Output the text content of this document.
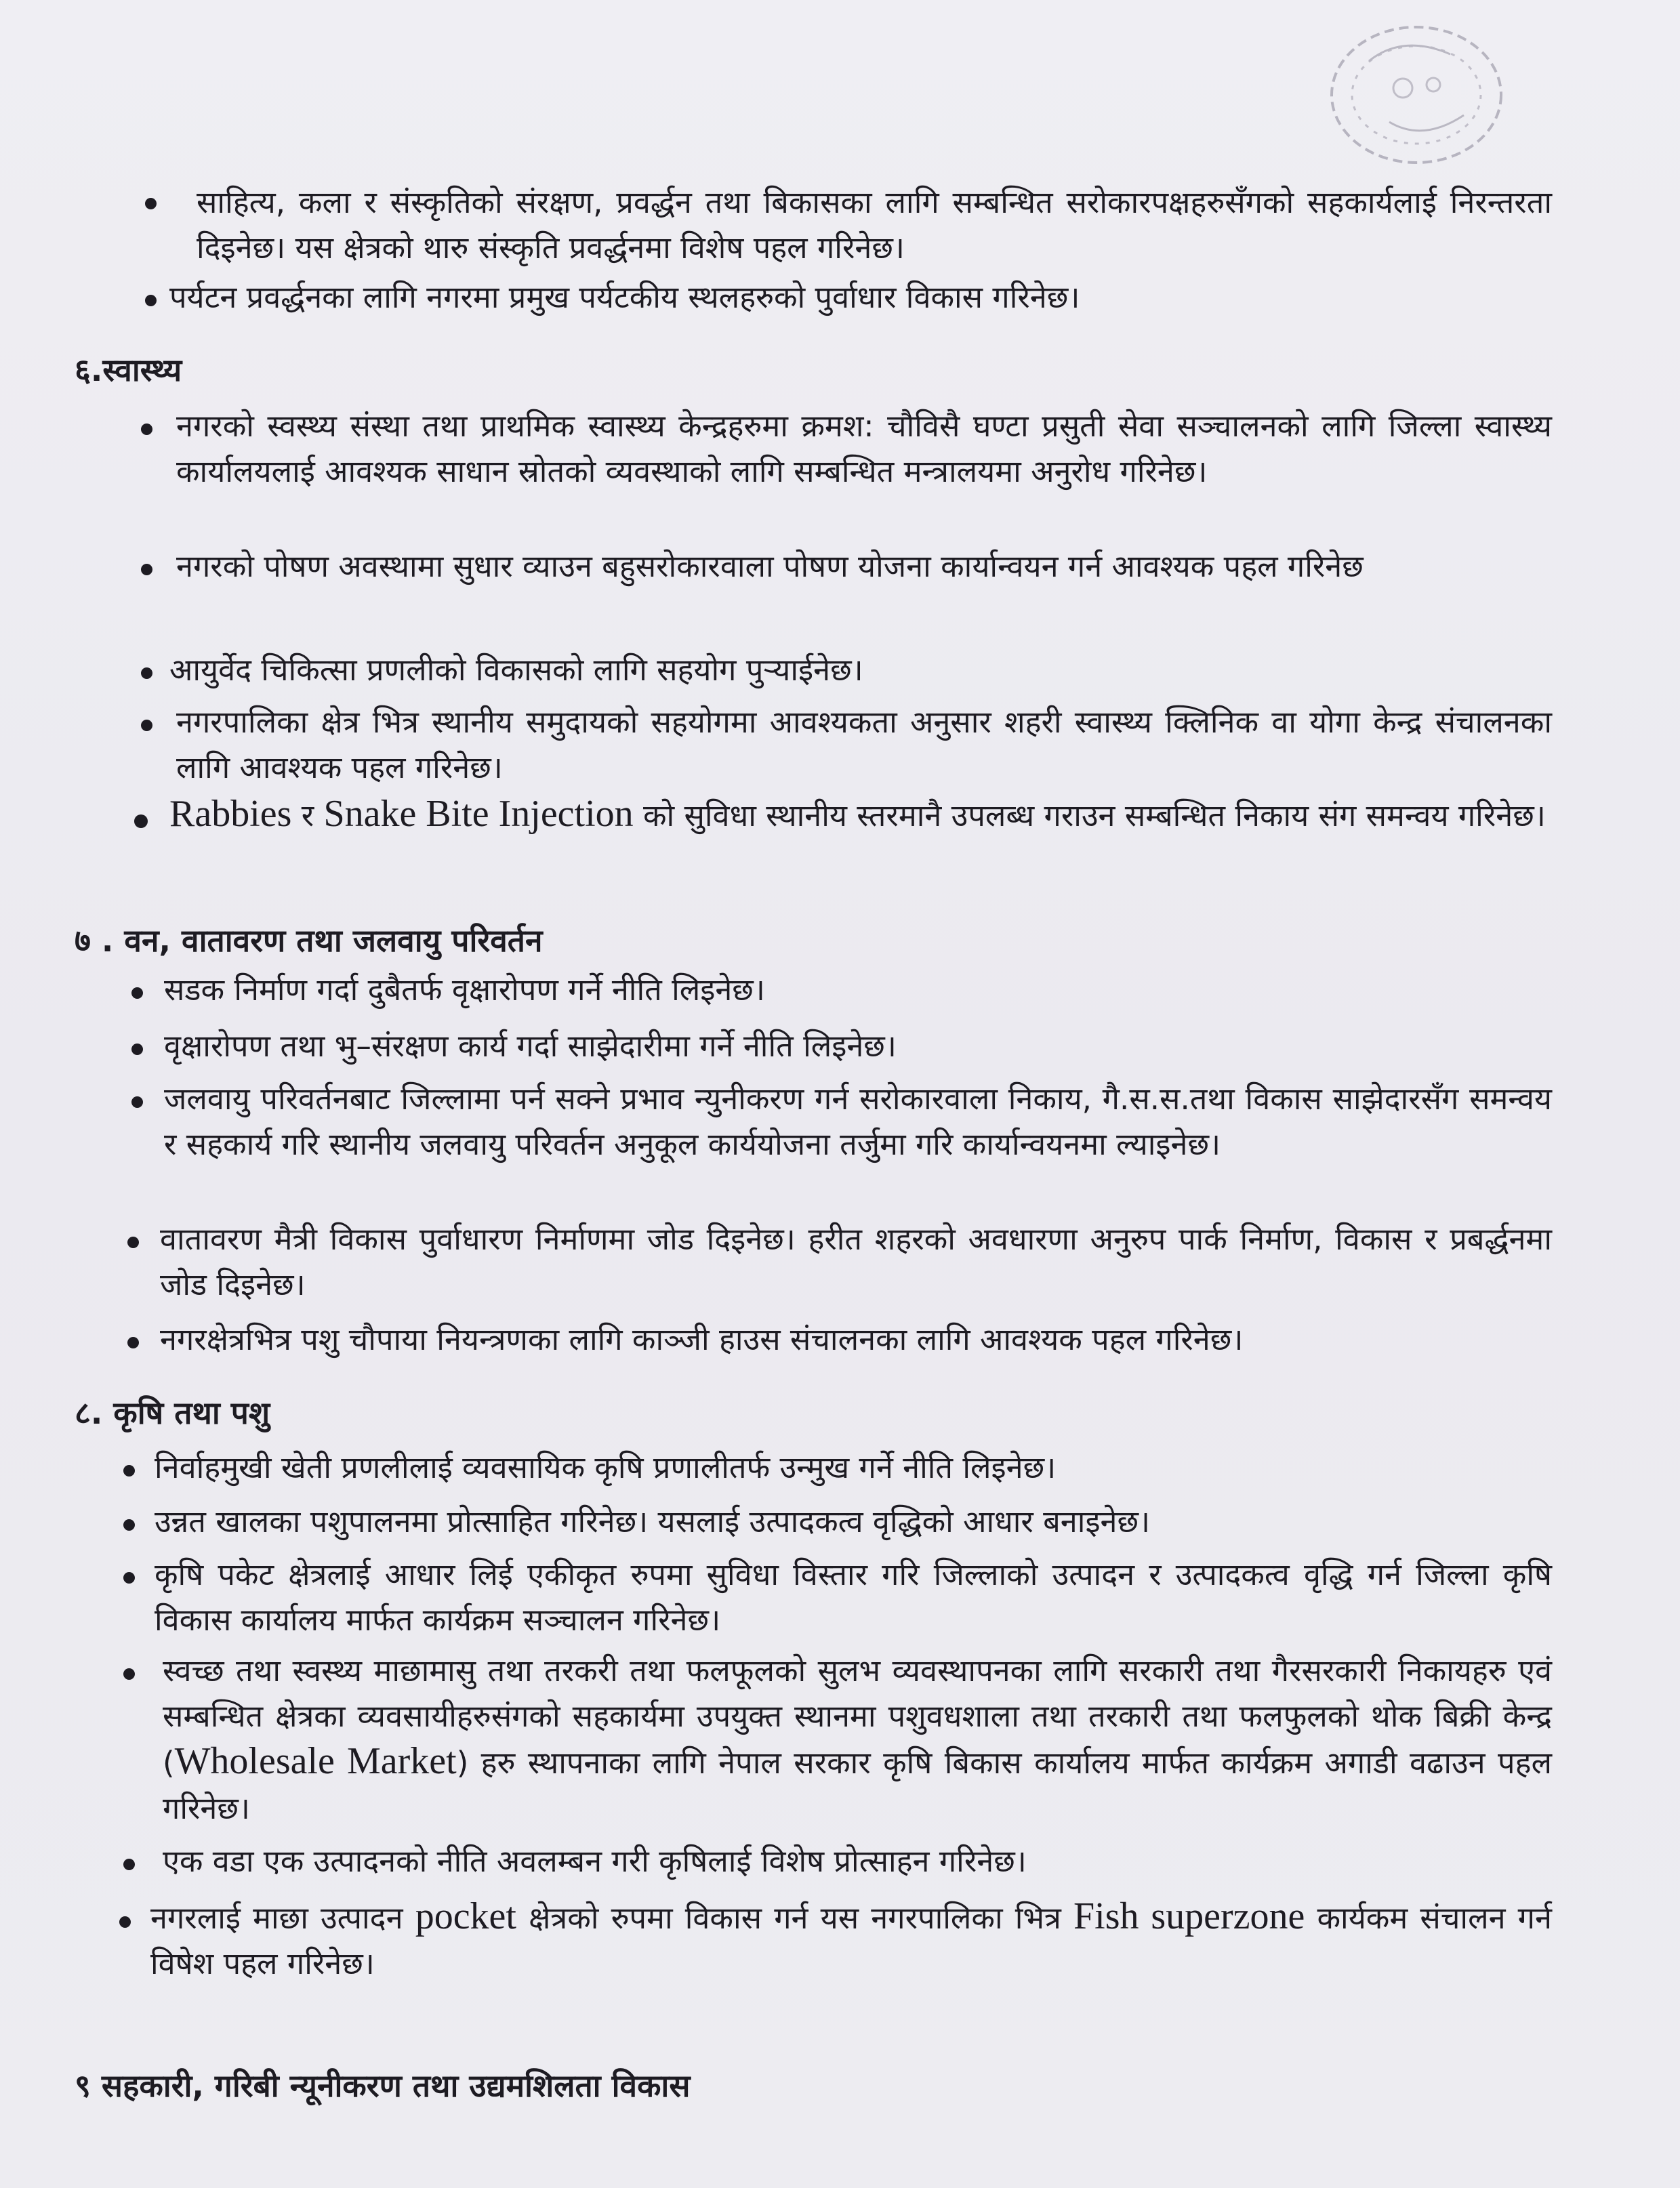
साहित्य, कला र संस्कृतिको संरक्षण, प्रवर्द्धन तथा बिकासका लागि सम्बन्धित सरोकारपक्षहरुसँगको सहकार्यलाई निरन्तरता दिइनेछ। यस क्षेत्रको थारु संस्कृति प्रवर्द्धनमा विशेष पहल गरिनेछ।
पर्यटन प्रवर्द्धनका लागि नगरमा प्रमुख पर्यटकीय स्थलहरुको पुर्वाधार विकास गरिनेछ।
६.स्वास्थ्य
नगरको स्वस्थ्य संस्था तथा प्राथमिक स्वास्थ्य केन्द्रहरुमा क्रमश: चौविसै घण्टा प्रसुती सेवा सञ्चालनको लागि जिल्ला स्वास्थ्य कार्यालयलाई आवश्यक साधान स्रोतको व्यवस्थाको लागि सम्बन्धित मन्त्रालयमा अनुरोध गरिनेछ।
नगरको पोषण अवस्थामा सुधार व्याउन बहुसरोकारवाला पोषण योजना कार्यान्वयन गर्न आवश्यक पहल गरिनेछ
आयुर्वेद चिकित्सा प्रणलीको विकासको लागि सहयोग पुऱ्याईनेछ।
नगरपालिका क्षेत्र भित्र स्थानीय समुदायको सहयोगमा आवश्यकता अनुसार शहरी स्वास्थ्य क्लिनिक वा योगा केन्द्र संचालनका लागि आवश्यक पहल गरिनेछ।
Rabbies र Snake Bite Injection को सुविधा स्थानीय स्तरमानै उपलब्ध गराउन सम्बन्धित निकाय संग समन्वय गरिनेछ।
७ . वन, वातावरण तथा जलवायु परिवर्तन
सडक निर्माण गर्दा दुबैतर्फ वृक्षारोपण गर्ने नीति लिइनेछ।
वृक्षारोपण तथा भु–संरक्षण कार्य गर्दा साझेदारीमा गर्ने नीति लिइनेछ।
जलवायु परिवर्तनबाट जिल्लामा पर्न सक्ने प्रभाव न्युनीकरण गर्न सरोकारवाला निकाय, गै.स.स.तथा विकास साझेदारसँग समन्वय र सहकार्य गरि स्थानीय जलवायु परिवर्तन अनुकूल कार्ययोजना तर्जुमा गरि कार्यान्वयनमा ल्याइनेछ।
वातावरण मैत्री विकास पुर्वाधारण निर्माणमा जोड दिइनेछ। हरीत शहरको अवधारणा अनुरुप पार्क निर्माण, विकास र प्रबर्द्धनमा जोड दिइनेछ।
नगरक्षेत्रभित्र पशु चौपाया नियन्त्रणका लागि काञ्जी हाउस संचालनका लागि आवश्यक पहल गरिनेछ।
८. कृषि तथा पशु
निर्वाहमुखी खेती प्रणलीलाई व्यवसायिक कृषि प्रणालीतर्फ उन्मुख गर्ने नीति लिइनेछ।
उन्नत खालका पशुपालनमा प्रोत्साहित गरिनेछ। यसलाई उत्पादकत्व वृद्धिको आधार बनाइनेछ।
कृषि पकेट क्षेत्रलाई आधार लिई एकीकृत रुपमा सुविधा विस्तार गरि जिल्लाको उत्पादन र उत्पादकत्व वृद्धि गर्न जिल्ला कृषि विकास कार्यालय मार्फत कार्यक्रम सञ्चालन गरिनेछ।
स्वच्छ तथा स्वस्थ्य माछामासु तथा तरकरी तथा फलफूलको सुलभ व्यवस्थापनका लागि सरकारी तथा गैरसरकारी निकायहरु एवं सम्बन्धित क्षेत्रका व्यवसायीहरुसंगको सहकार्यमा उपयुक्त स्थानमा पशुवधशाला तथा तरकारी तथा फलफुलको थोक बिक्री केन्द्र (Wholesale Market) हरु स्थापनाका लागि नेपाल सरकार कृषि बिकास कार्यालय मार्फत कार्यक्रम अगाडी वढाउन पहल गरिनेछ।
एक वडा एक उत्पादनको नीति अवलम्बन गरी कृषिलाई विशेष प्रोत्साहन गरिनेछ।
नगरलाई माछा उत्पादन pocket क्षेत्रको रुपमा विकास गर्न यस नगरपालिका भित्र Fish superzone कार्यकम संचालन गर्न विषेश पहल गरिनेछ।
९ सहकारी, गरिबी न्यूनीकरण तथा उद्यमशिलता विकास
